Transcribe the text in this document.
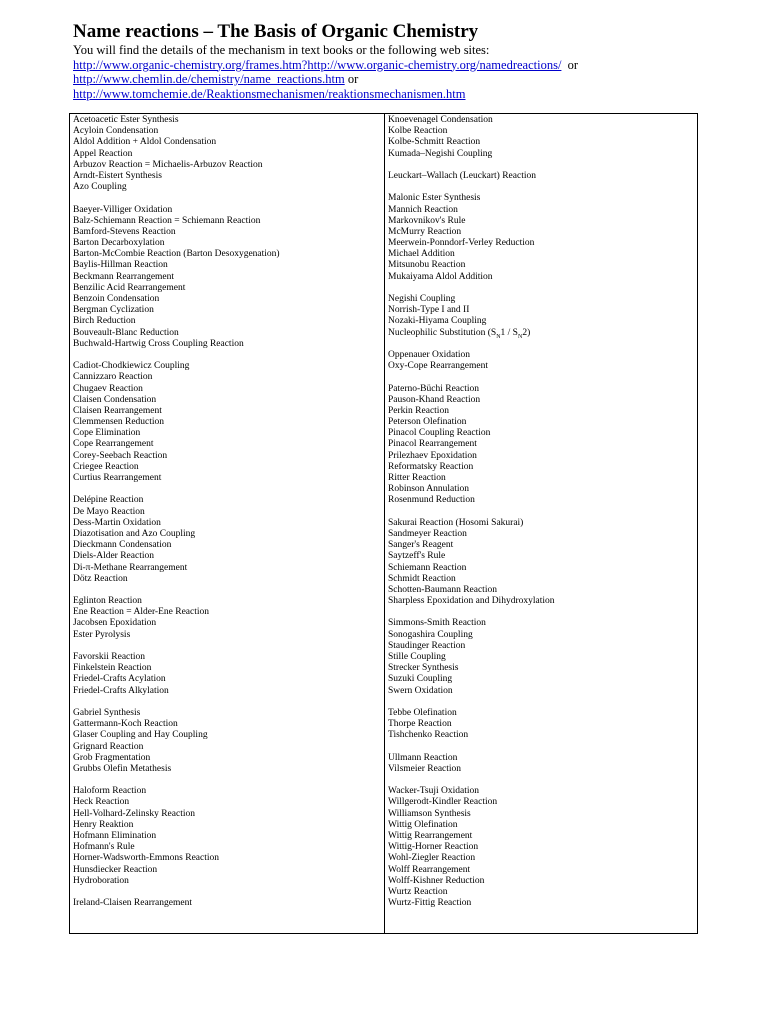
Name reactions – The Basis of Organic Chemistry
You will find the details of the mechanism in text books or the following web sites:
http://www.organic-chemistry.org/frames.htm?http://www.organic-chemistry.org/namedreactions/ or
http://www.chemlin.de/chemistry/name_reactions.htm or
http://www.tomchemie.de/Reaktionsmechanismen/reaktionsmechanismen.htm
Acetoacetic Ester Synthesis
Acyloin Condensation
Aldol Addition + Aldol Condensation
Appel Reaction
Arbuzov Reaction = Michaelis-Arbuzov Reaction
Arndt-Eistert Synthesis
Azo Coupling
Baeyer-Villiger Oxidation
Balz-Schiemann Reaction = Schiemann Reaction
Bamford-Stevens Reaction
Barton Decarboxylation
Barton-McCombie Reaction (Barton Desoxygenation)
Baylis-Hillman Reaction
Beckmann Rearrangement
Benzilic Acid Rearrangement
Benzoin Condensation
Bergman Cyclization
Birch Reduction
Bouveault-Blanc Reduction
Buchwald-Hartwig Cross Coupling Reaction
Cadiot-Chodkiewicz Coupling
Cannizzaro Reaction
Chugaev Reaction
Claisen Condensation
Claisen Rearrangement
Clemmensen Reduction
Cope Elimination
Cope Rearrangement
Corey-Seebach Reaction
Criegee Reaction
Curtius Rearrangement
Delépine Reaction
De Mayo Reaction
Dess-Martin Oxidation
Diazotisation and Azo Coupling
Dieckmann Condensation
Diels-Alder Reaction
Di-π-Methane Rearrangement
Dötz Reaction
Eglinton Reaction
Ene Reaction = Alder-Ene Reaction
Jacobsen Epoxidation
Ester Pyrolysis
Favorskii Reaction
Finkelstein Reaction
Friedel-Crafts Acylation
Friedel-Crafts Alkylation
Gabriel Synthesis
Gattermann-Koch Reaction
Glaser Coupling and Hay Coupling
Grignard Reaction
Grob Fragmentation
Grubbs Olefin Metathesis
Haloform Reaction
Heck Reaction
Hell-Volhard-Zelinsky Reaction
Henry Reaktion
Hofmann Elimination
Hofmann's Rule
Horner-Wadsworth-Emmons Reaction
Hunsdiecker Reaction
Hydroboration
Ireland-Claisen Rearrangement
Knoevenagel Condensation
Kolbe Reaction
Kolbe-Schmitt Reaction
Kumada–Negishi Coupling
Leuckart–Wallach (Leuckart) Reaction
Malonic Ester Synthesis
Mannich Reaction
Markovnikov's Rule
McMurry Reaction
Meerwein-Ponndorf-Verley Reduction
Michael Addition
Mitsunobu Reaction
Mukaiyama Aldol Addition
Negishi Coupling
Norrish-Type I and II
Nozaki-Hiyama Coupling
Nucleophilic Substitution $(S_N1 / S_N2)$
Oppenauer Oxidation
Oxy-Cope Rearrangement
Paterno-Büchi Reaction
Pauson-Khand Reaction
Perkin Reaction
Peterson Olefination
Pinacol Coupling Reaction
Pinacol Rearrangement
Prilezhaev Epoxidation
Reformatsky Reaction
Ritter Reaction
Robinson Annulation
Rosenmund Reduction
Sakurai Reaction (Hosomi Sakurai)
Sandmeyer Reaction
Sanger's Reagent
Saytzeff's Rule
Schiemann Reaction
Schmidt Reaction
Schotten-Baumann Reaction
Sharpless Epoxidation and Dihydroxylation
Simmons-Smith Reaction
Sonogashira Coupling
Staudinger Reaction
Stille Coupling
Strecker Synthesis
Suzuki Coupling
Swern Oxidation
Tebbe Olefination
Thorpe Reaction
Tishchenko Reaction
Ullmann Reaction
Vilsmeier Reaction
Wacker-Tsuji Oxidation
Willgerodt-Kindler Reaction
Williamson Synthesis
Wittig Olefination
Wittig Rearrangement
Wittig-Horner Reaction
Wohl-Ziegler Reaction
Wolff Rearrangement
Wolff-Kishner Reduction
Wurtz Reaction
Wurtz-Fittig Reaction
